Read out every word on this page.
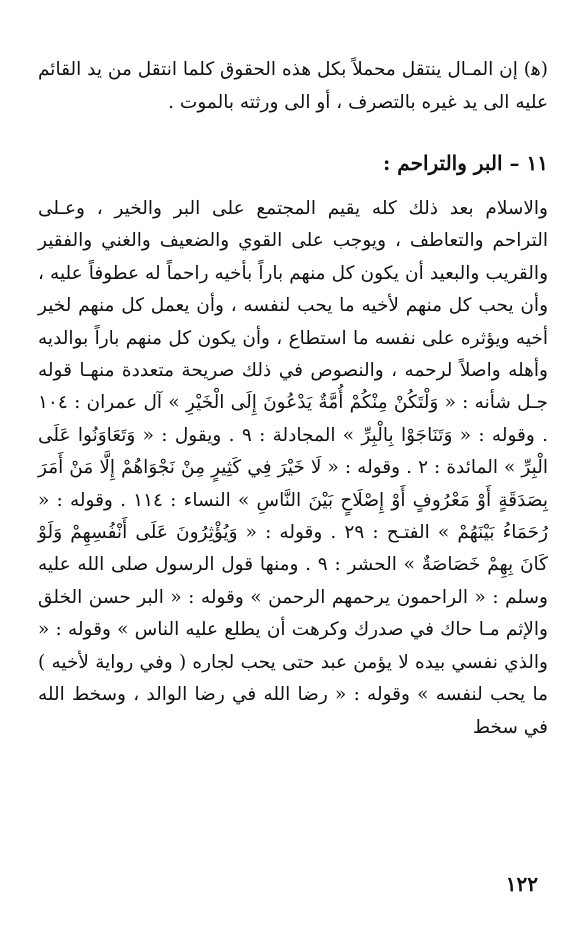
(ﻫ) إن المـال ينتقل محملاً بكل هذه الحقوق كلما انتقل من يد القائم عليه الى يد غيره بالتصرف ، أو الى ورثته بالموت .

١١ – البر والتراحم :

والاسلام بعد ذلك كله يقيم المجتمع على البر والخير ، وعـلى التراحم والتعاطف ، ويوجب على القوي والضعيف والغني والفقير والقريب والبعيد أن يكون كل منهم باراً بأخيه راحماً له عطوفاً عليه ، وأن يحب كل منهم لأخيه ما يحب لنفسه ، وأن يعمل كل منهم لخير أخيه ويؤثره على نفسه ما استطاع ، وأن يكون كل منهم باراً بوالديه وأهله واصلاً لرحمه ، والنصوص في ذلك صريحة متعددة منهـا قوله جـل شأنه : « وَلْتَكُنْ مِنْكُمْ أُمَّةٌ يَدْعُونَ إِلَى الْخَيْرِ » آل عمران : ١٠٤ . وقوله : « وَتَنَاجَوْا بِالْبِرِّ » المجادلة : ٩ . ويقول : « وَتَعَاوَنُوا عَلَى الْبِرِّ » المائدة : ٢ . وقوله : « لَا خَيْرَ فِي كَثِيرٍ مِنْ نَجْوَاهُمْ إِلَّا مَنْ أَمَرَ بِصَدَقَةٍ أَوْ مَعْرُوفٍ أَوْ إِصْلَاحٍ بَيْنَ النَّاسِ » النساء : ١١٤ . وقوله : « رُحَمَاءُ بَيْنَهُمْ » الفتـح : ٢٩ . وقوله : « وَيُؤْثِرُونَ عَلَى أَنْفُسِهِمْ وَلَوْ كَانَ بِهِمْ خَصَاصَةٌ » الحشر : ٩ . ومنها قول الرسول صلى الله عليه وسلم : « الراحمون يرحمهم الرحمن » وقوله : « البر حسن الخلق والإثم مـا حاك في صدرك وكرهت أن يطلع عليه الناس » وقوله : « والذي نفسي بيده لا يؤمن عبد حتى يحب لجاره ( وفي رواية لأخيه ) ما يحب لنفسه » وقوله : « رضا الله في رضا الوالد ، وسخط الله في سخط

١٢٢
